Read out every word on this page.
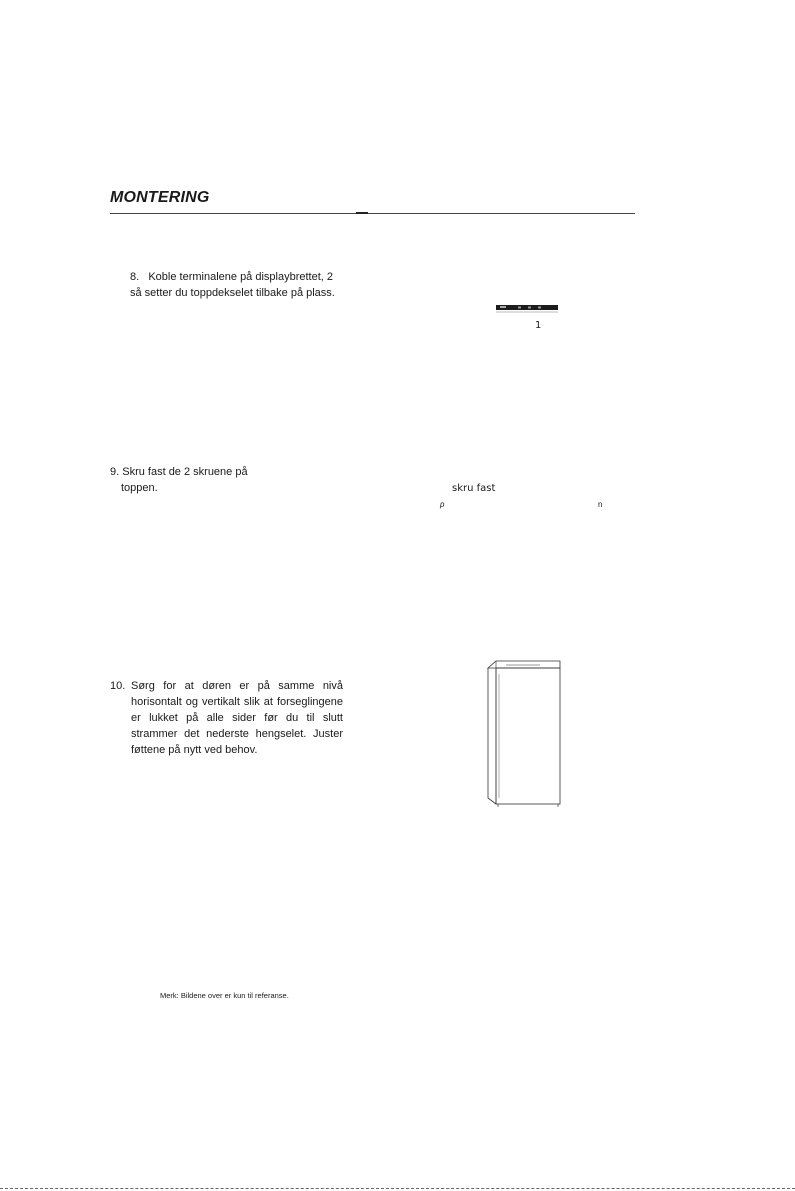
MONTERING
8.   Koble terminalene på displaybrettet, 2
så setter du toppdekselet tilbake på plass.
1
9. Skru fast de 2 skruene på
toppen.	skru fast
p	n
10. Sørg for at døren er på samme nivå
horisontalt og vertikalt slik at forseglingene
er lukket på alle sider før du til slutt
strammer det nederste hengselet. Juster
føttene på nytt ved behov.
Merk: Bildene over er kun til referanse.
